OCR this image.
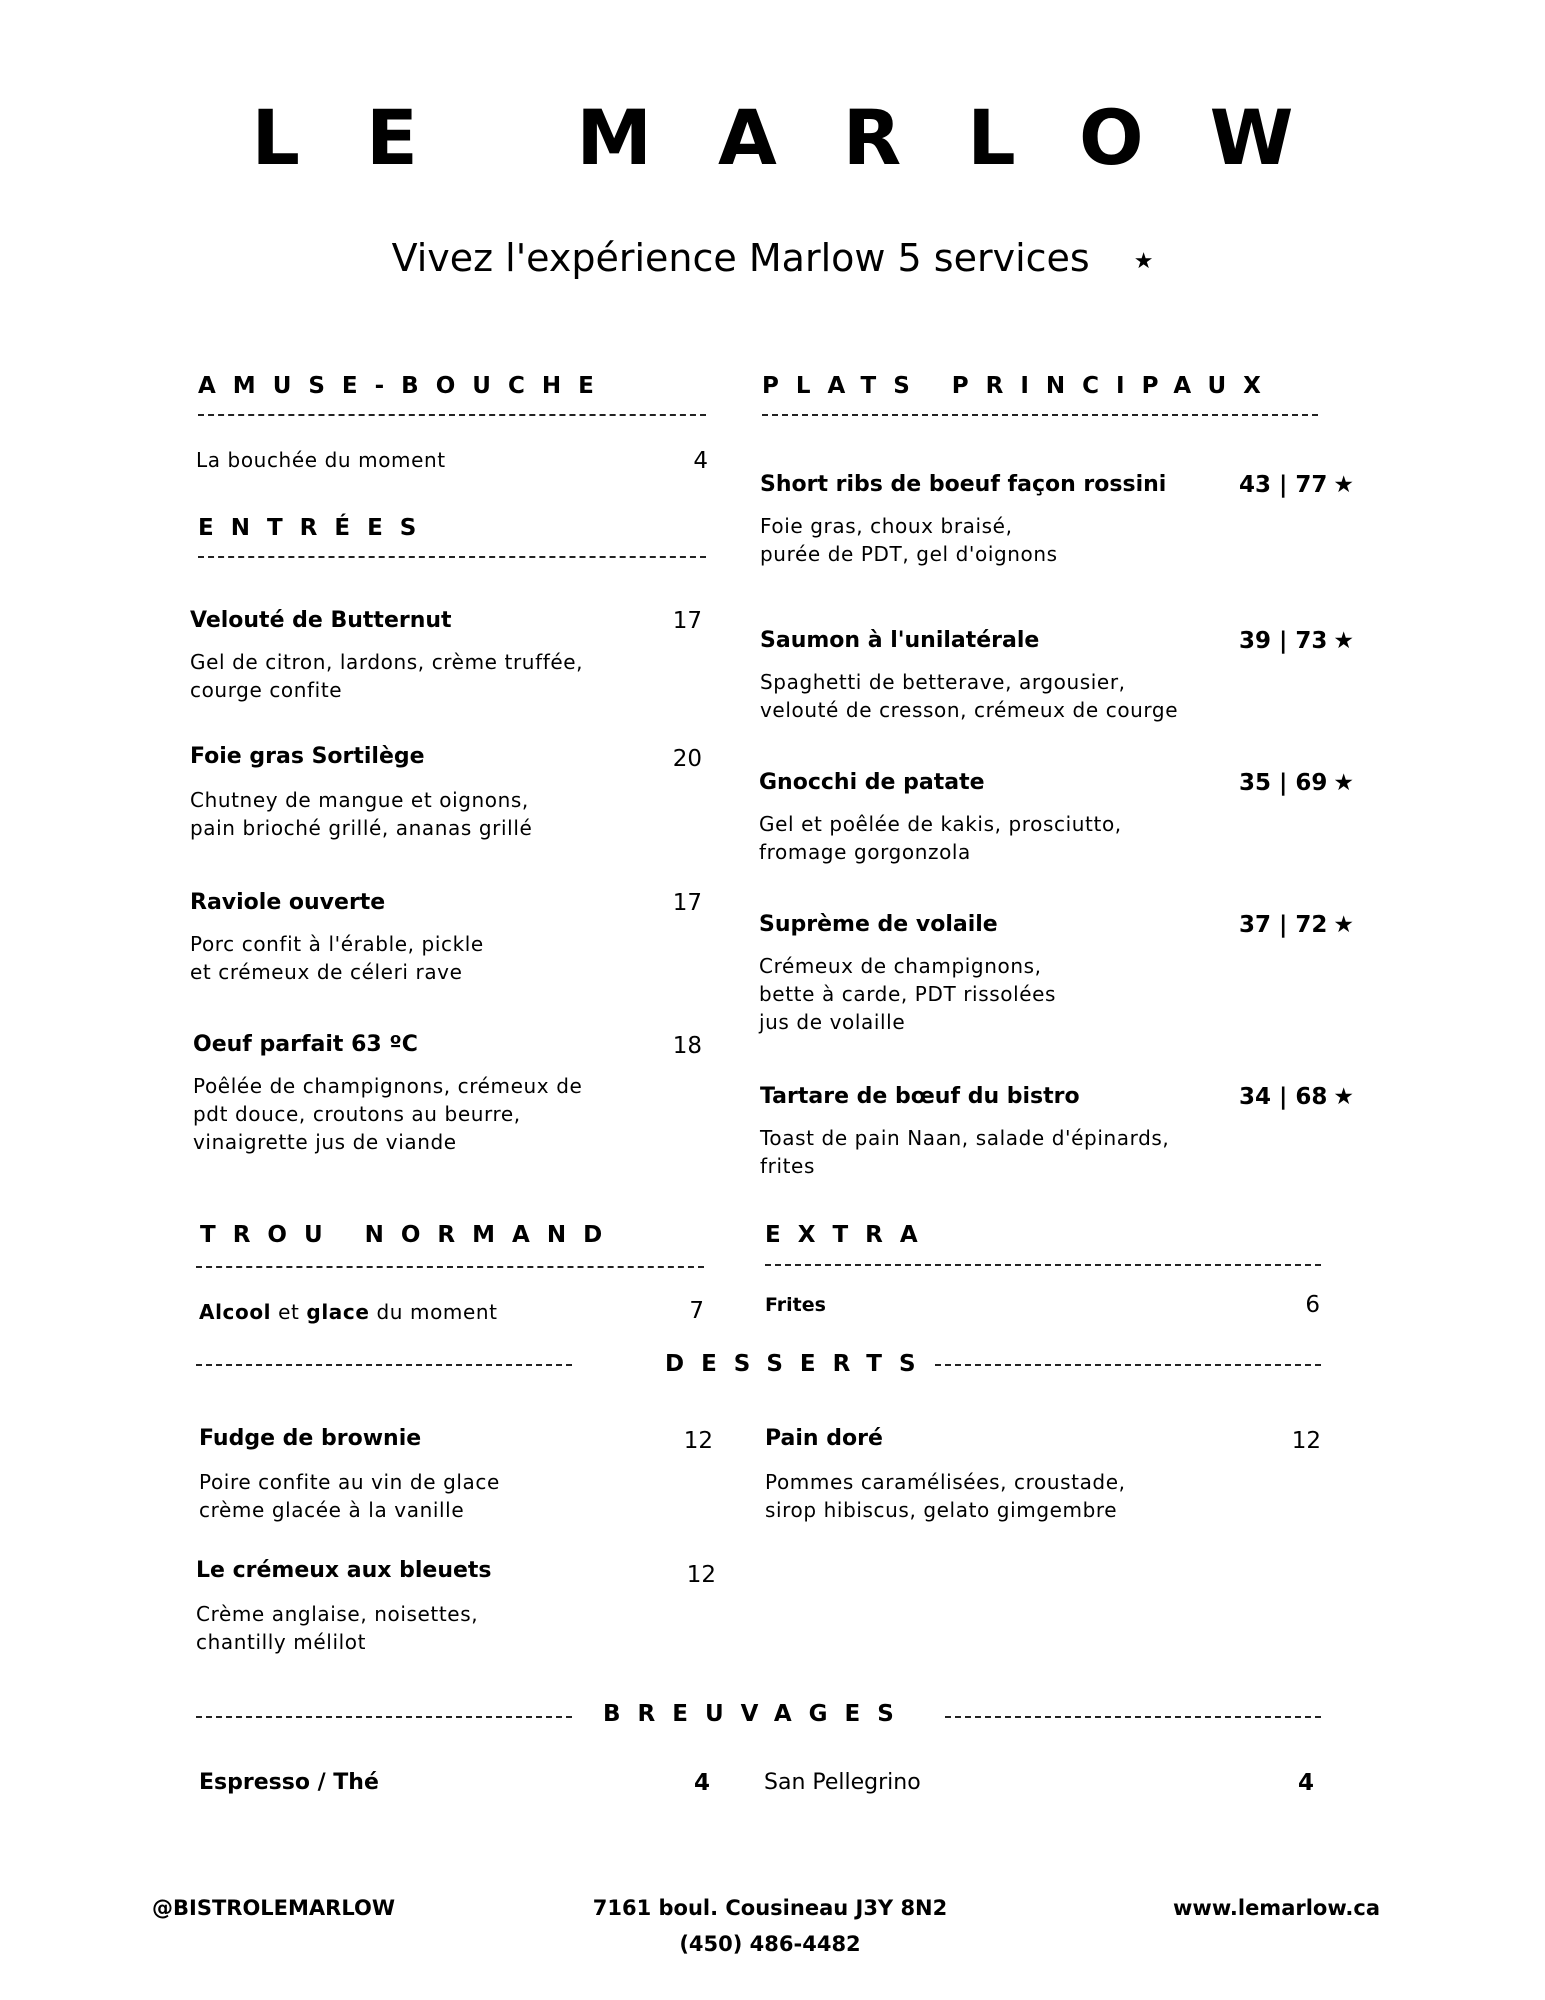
LE MARLOW
Vivez l'expérience Marlow 5 services ★
AMUSE-BOUCHE
La bouchée du moment	4
ENTRÉES
Velouté de Butternut	17
Gel de citron, lardons, crème truffée,
courge confite
Foie gras Sortilège	20
Chutney de mangue et oignons,
pain brioché grillé, ananas grillé
Raviole ouverte	17
Porc confit à l'érable, pickle
et crémeux de céleri rave
Oeuf parfait 63 ºC	18
Poêlée de champignons, crémeux de
pdt douce, croutons au beurre,
vinaigrette jus de viande
PLATS PRINCIPAUX
Short ribs de boeuf façon rossini	43 | 77 ★
Foie gras, choux braisé,
purée de PDT, gel d'oignons
Saumon à l'unilatérale	39 | 73 ★
Spaghetti de betterave, argousier,
velouté de cresson, crémeux de courge
Gnocchi de patate	35 | 69 ★
Gel et poêlée de kakis, prosciutto,
fromage gorgonzola
Suprème de volaile	37 | 72 ★
Crémeux de champignons,
bette à carde, PDT rissolées
jus de volaille
Tartare de bœuf du bistro	34 | 68 ★
Toast de pain Naan, salade d'épinards,
frites
TROU NORMAND
Alcool et glace du moment	7
EXTRA
Frites	6
DESSERTS
Fudge de brownie	12
Poire confite au vin de glace
crème glacée à la vanille
Pain doré	12
Pommes caramélisées, croustade,
sirop hibiscus, gelato gimgembre
Le crémeux aux bleuets	12
Crème anglaise, noisettes,
chantilly mélilot
BREUVAGES
Espresso / Thé	4 San Pellegrino	4
@BISTROLEMARLOW	7161 boul. Cousineau J3Y 8N2
(450) 486-4482
www.lemarlow.ca
